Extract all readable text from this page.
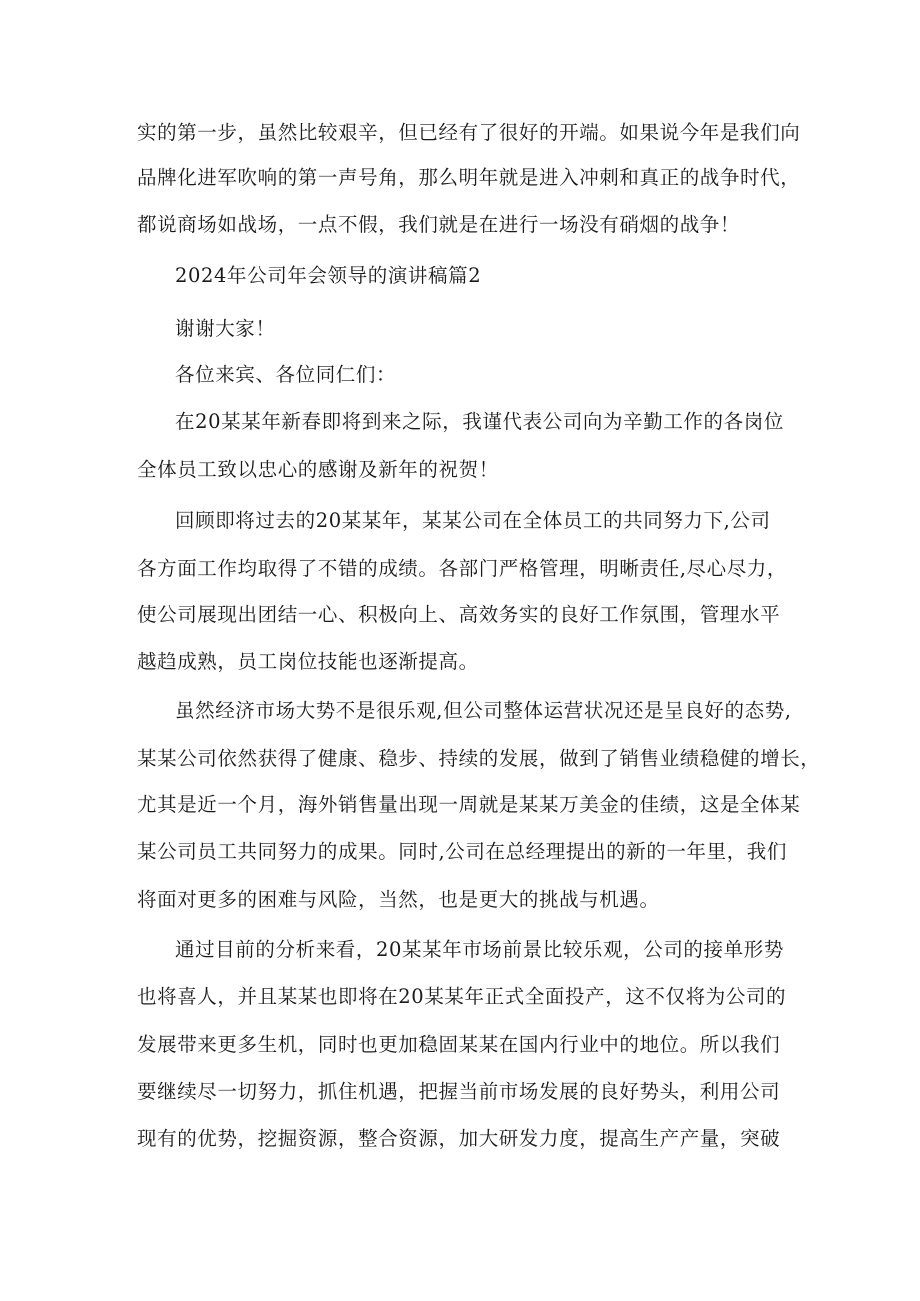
实的第一步，虽然比较艰辛，但已经有了很好的开端。如果说今年是我们向
品牌化进军吹响的第一声号角，那么明年就是进入冲刺和真正的战争时代，
都说商场如战场，一点不假，我们就是在进行一场没有硝烟的战争！
2024年公司年会领导的演讲稿篇2
谢谢大家！
各位来宾、各位同仁们：
在20某某年新春即将到来之际，我谨代表公司向为辛勤工作的各岗位
全体员工致以忠心的感谢及新年的祝贺！
回顾即将过去的20某某年，某某公司在全体员工的共同努力下,公司
各方面工作均取得了不错的成绩。各部门严格管理，明晰责任,尽心尽力，
使公司展现出团结一心、积极向上、高效务实的良好工作氛围，管理水平
越趋成熟，员工岗位技能也逐渐提高。
虽然经济市场大势不是很乐观,但公司整体运营状况还是呈良好的态势,
某某公司依然获得了健康、稳步、持续的发展，做到了销售业绩稳健的增长，
尤其是近一个月，海外销售量出现一周就是某某万美金的佳绩，这是全体某
某公司员工共同努力的成果。同时,公司在总经理提出的新的一年里，我们
将面对更多的困难与风险，当然，也是更大的挑战与机遇。
通过目前的分析来看，20某某年市场前景比较乐观，公司的接单形势
也将喜人，并且某某也即将在20某某年正式全面投产，这不仅将为公司的
发展带来更多生机，同时也更加稳固某某在国内行业中的地位。所以我们
要继续尽一切努力，抓住机遇，把握当前市场发展的良好势头，利用公司
现有的优势，挖掘资源，整合资源，加大研发力度，提高生产产量，突破
